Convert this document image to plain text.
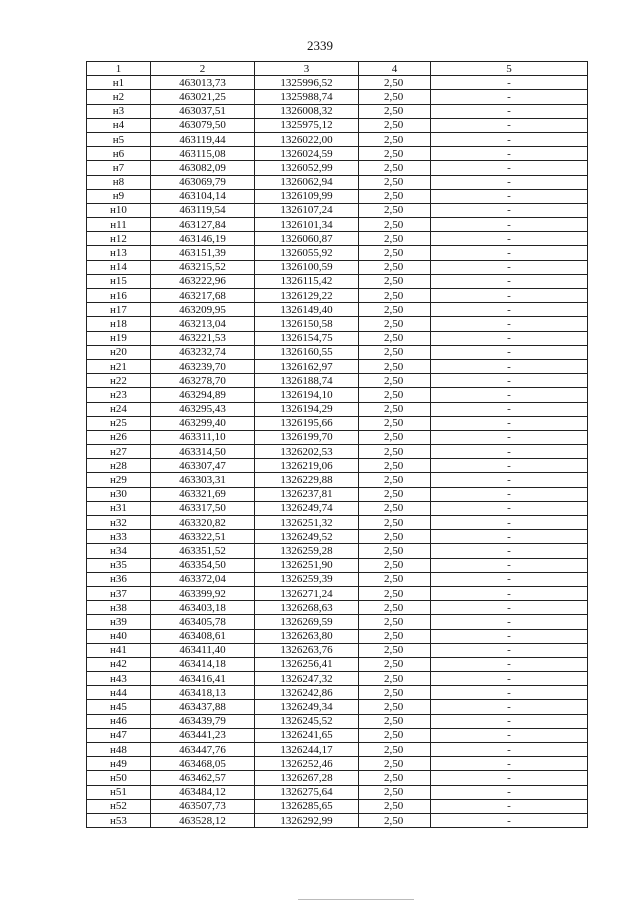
2339
1	2	3	4	5
н1	463013,73	1325996,52	2,50	-
н2	463021,25	1325988,74	2,50	-
н3	463037,51	1326008,32	2,50	-
н4	463079,50	1325975,12	2,50	-
н5	463119,44	1326022,00	2,50	-
н6	463115,08	1326024,59	2,50	-
н7	463082,09	1326052,99	2,50	-
н8	463069,79	1326062,94	2,50	-
н9	463104,14	1326109,99	2,50	-
н10	463119,54	1326107,24	2,50	-
н11	463127,84	1326101,34	2,50	-
н12	463146,19	1326060,87	2,50	-
н13	463151,39	1326055,92	2,50	-
н14	463215,52	1326100,59	2,50	-
н15	463222,96	1326115,42	2,50	-
н16	463217,68	1326129,22	2,50	-
н17	463209,95	1326149,40	2,50	-
н18	463213,04	1326150,58	2,50	-
н19	463221,53	1326154,75	2,50	-
н20	463232,74	1326160,55	2,50	-
н21	463239,70	1326162,97	2,50	-
н22	463278,70	1326188,74	2,50	-
н23	463294,89	1326194,10	2,50	-
н24	463295,43	1326194,29	2,50	-
н25	463299,40	1326195,66	2,50	-
н26	463311,10	1326199,70	2,50	-
н27	463314,50	1326202,53	2,50	-
н28	463307,47	1326219,06	2,50	-
н29	463303,31	1326229,88	2,50	-
н30	463321,69	1326237,81	2,50	-
н31	463317,50	1326249,74	2,50	-
н32	463320,82	1326251,32	2,50	-
н33	463322,51	1326249,52	2,50	-
н34	463351,52	1326259,28	2,50	-
н35	463354,50	1326251,90	2,50	-
н36	463372,04	1326259,39	2,50	-
н37	463399,92	1326271,24	2,50	-
н38	463403,18	1326268,63	2,50	-
н39	463405,78	1326269,59	2,50	-
н40	463408,61	1326263,80	2,50	-
н41	463411,40	1326263,76	2,50	-
н42	463414,18	1326256,41	2,50	-
н43	463416,41	1326247,32	2,50	-
н44	463418,13	1326242,86	2,50	-
н45	463437,88	1326249,34	2,50	-
н46	463439,79	1326245,52	2,50	-
н47	463441,23	1326241,65	2,50	-
н48	463447,76	1326244,17	2,50	-
н49	463468,05	1326252,46	2,50	-
н50	463462,57	1326267,28	2,50	-
н51	463484,12	1326275,64	2,50	-
н52	463507,73	1326285,65	2,50	-
н53	463528,12	1326292,99	2,50	-
